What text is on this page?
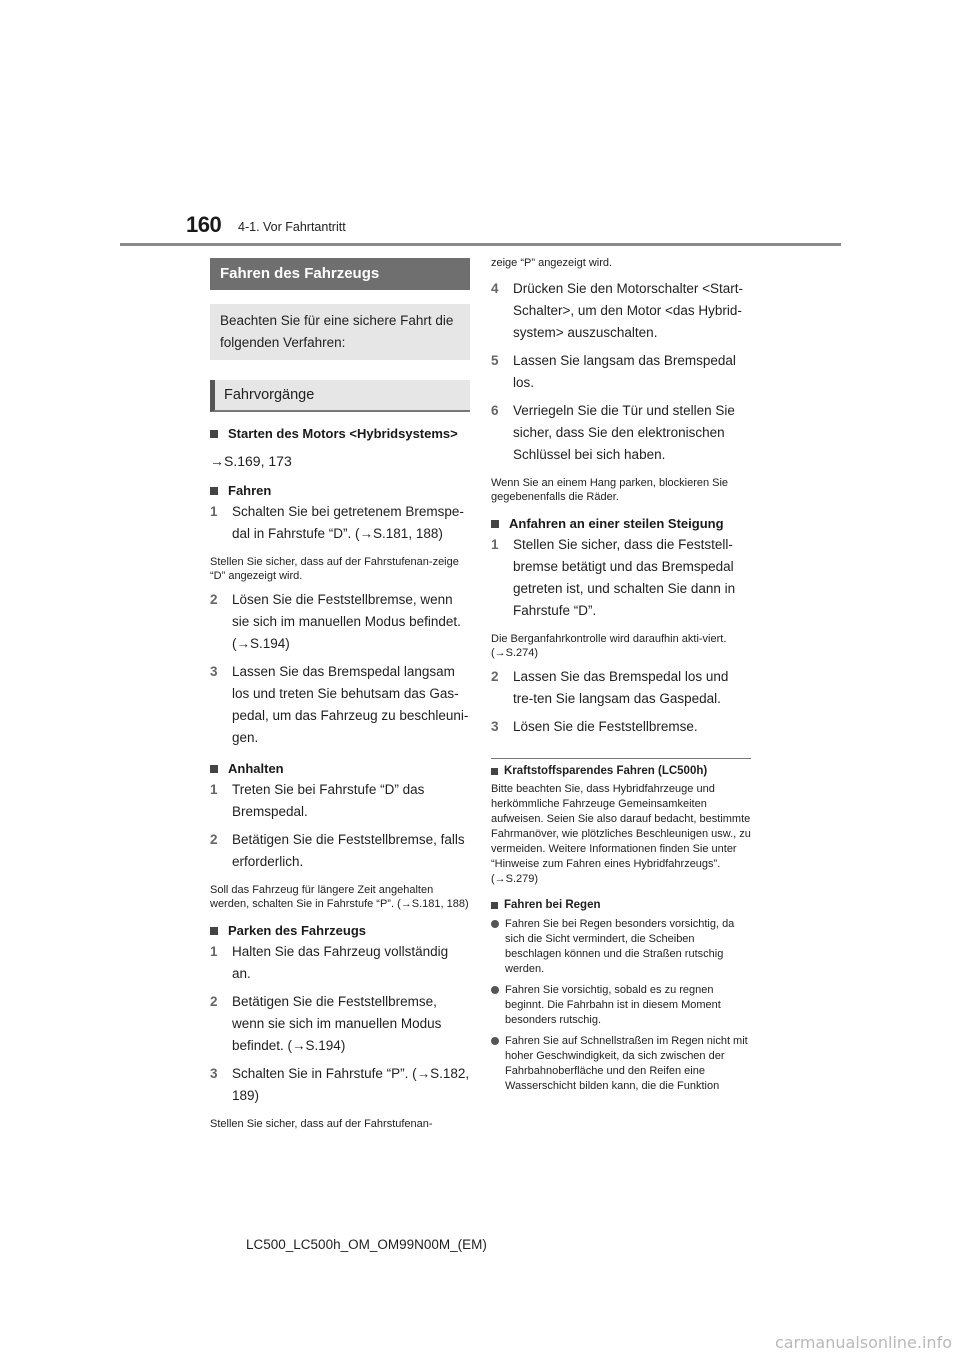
160 4-1. Vor Fahrtantritt
Fahren des Fahrzeugs
Beachten Sie für eine sichere Fahrt die folgenden Verfahren:
Fahrvorgänge
Starten des Motors <Hybridsystems>
→S.169, 173
Fahren
1	Schalten Sie bei getretenem Bremspe-dal in Fahrstufe “D”. (→S.181, 188)
Stellen Sie sicher, dass auf der Fahrstufenan-zeige “D” angezeigt wird.
2	Lösen Sie die Feststellbremse, wenn sie sich im manuellen Modus befindet. (→S.194)
3	Lassen Sie das Bremspedal langsam los und treten Sie behutsam das Gas-pedal, um das Fahrzeug zu beschleuni-gen.
Anhalten
1	Treten Sie bei Fahrstufe “D” das Bremspedal.
2	Betätigen Sie die Feststellbremse, falls erforderlich.
Soll das Fahrzeug für längere Zeit angehalten werden, schalten Sie in Fahrstufe “P”. (→S.181, 188)
Parken des Fahrzeugs
1	Halten Sie das Fahrzeug vollständig an.
2	Betätigen Sie die Feststellbremse, wenn sie sich im manuellen Modus befindet. (→S.194)
3	Schalten Sie in Fahrstufe “P”. (→S.182, 189)
Stellen Sie sicher, dass auf der Fahrstufenan-
zeige “P” angezeigt wird.
4	Drücken Sie den Motorschalter <Start-Schalter>, um den Motor <das Hybrid-system> auszuschalten.
5	Lassen Sie langsam das Bremspedal los.
6	Verriegeln Sie die Tür und stellen Sie sicher, dass Sie den elektronischen Schlüssel bei sich haben.
Wenn Sie an einem Hang parken, blockieren Sie gegebenenfalls die Räder.
Anfahren an einer steilen Steigung
1	Stellen Sie sicher, dass die Feststell-bremse betätigt und das Bremspedal getreten ist, und schalten Sie dann in Fahrstufe “D”.
Die Berganfahrkontrolle wird daraufhin akti-viert. (→S.274)
2	Lassen Sie das Bremspedal los und tre-ten Sie langsam das Gaspedal.
3	Lösen Sie die Feststellbremse.
Kraftstoffsparendes Fahren (LC500h)
Bitte beachten Sie, dass Hybridfahrzeuge und herkömmliche Fahrzeuge Gemeinsamkeiten aufweisen. Seien Sie also darauf bedacht, bestimmte Fahrmanöver, wie plötzliches Beschleunigen usw., zu vermeiden. Weitere Informationen finden Sie unter “Hinweise zum Fahren eines Hybridfahrzeugs”. (→S.279)
Fahren bei Regen
Fahren Sie bei Regen besonders vorsichtig, da sich die Sicht vermindert, die Scheiben beschlagen können und die Straßen rutschig werden.
Fahren Sie vorsichtig, sobald es zu regnen beginnt. Die Fahrbahn ist in diesem Moment besonders rutschig.
Fahren Sie auf Schnellstraßen im Regen nicht mit hoher Geschwindigkeit, da sich zwischen der Fahrbahnoberfläche und den Reifen eine Wasserschicht bilden kann, die die Funktion
LC500_LC500h_OM_OM99N00M_(EM)
carmanualsonline.info
